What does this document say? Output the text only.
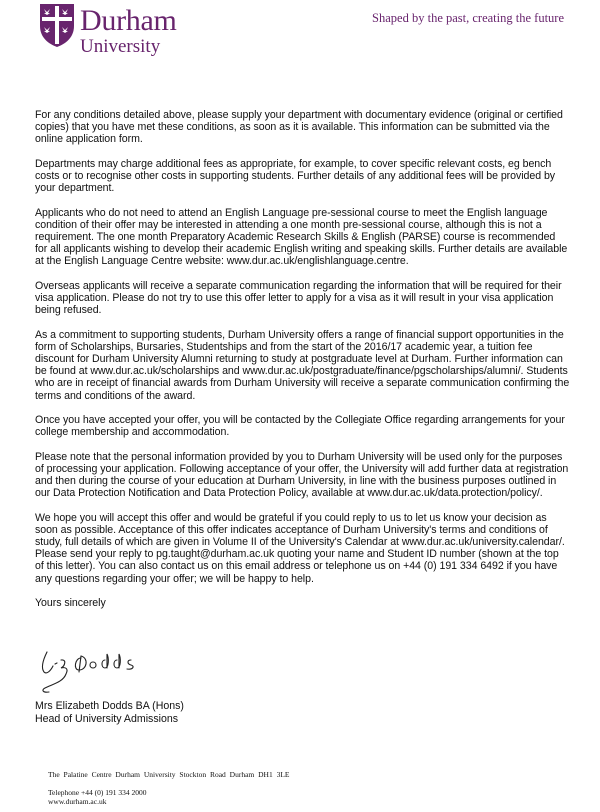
Durham
University
Shaped by the past, creating the future

For any conditions detailed above, please supply your department with documentary evidence (original or certified copies) that you have met these conditions, as soon as it is available. This information can be submitted via the online application form.

Departments may charge additional fees as appropriate, for example, to cover specific relevant costs, eg bench costs or to recognise other costs in supporting students. Further details of any additional fees will be provided by your department.

Applicants who do not need to attend an English Language pre-sessional course to meet the English language condition of their offer may be interested in attending a one month pre-sessional course, although this is not a requirement. The one month Preparatory Academic Research Skills & English (PARSE) course is recommended for all applicants wishing to develop their academic English writing and speaking skills. Further details are available at the English Language Centre website: www.dur.ac.uk/englishlanguage.centre.

Overseas applicants will receive a separate communication regarding the information that will be required for their visa application. Please do not try to use this offer letter to apply for a visa as it will result in your visa application being refused.

As a commitment to supporting students, Durham University offers a range of financial support opportunities in the form of Scholarships, Bursaries, Studentships and from the start of the 2016/17 academic year, a tuition fee discount for Durham University Alumni returning to study at postgraduate level at Durham. Further information can be found at www.dur.ac.uk/scholarships and www.dur.ac.uk/postgraduate/finance/pgscholarships/alumni/. Students who are in receipt of financial awards from Durham University will receive a separate communication confirming the terms and conditions of the award.

Once you have accepted your offer, you will be contacted by the Collegiate Office regarding arrangements for your college membership and accommodation.

Please note that the personal information provided by you to Durham University will be used only for the purposes of processing your application. Following acceptance of your offer, the University will add further data at registration and then during the course of your education at Durham University, in line with the business purposes outlined in our Data Protection Notification and Data Protection Policy, available at www.dur.ac.uk/data.protection/policy/.

We hope you will accept this offer and would be grateful if you could reply to us to let us know your decision as soon as possible. Acceptance of this offer indicates acceptance of Durham University's terms and conditions of study, full details of which are given in Volume II of the University's Calendar at www.dur.ac.uk/university.calendar/. Please send your reply to pg.taught@durham.ac.uk quoting your name and Student ID number (shown at the top of this letter). You can also contact us on this email address or telephone us on +44 (0) 191 334 6492 if you have any questions regarding your offer; we will be happy to help.

Yours sincerely

Mrs Elizabeth Dodds BA (Hons)
Head of University Admissions
The Palatine Centre Durham University Stockton Road Durham DH1 3LE
Telephone +44 (0) 191 334 2000
www.durham.ac.uk
